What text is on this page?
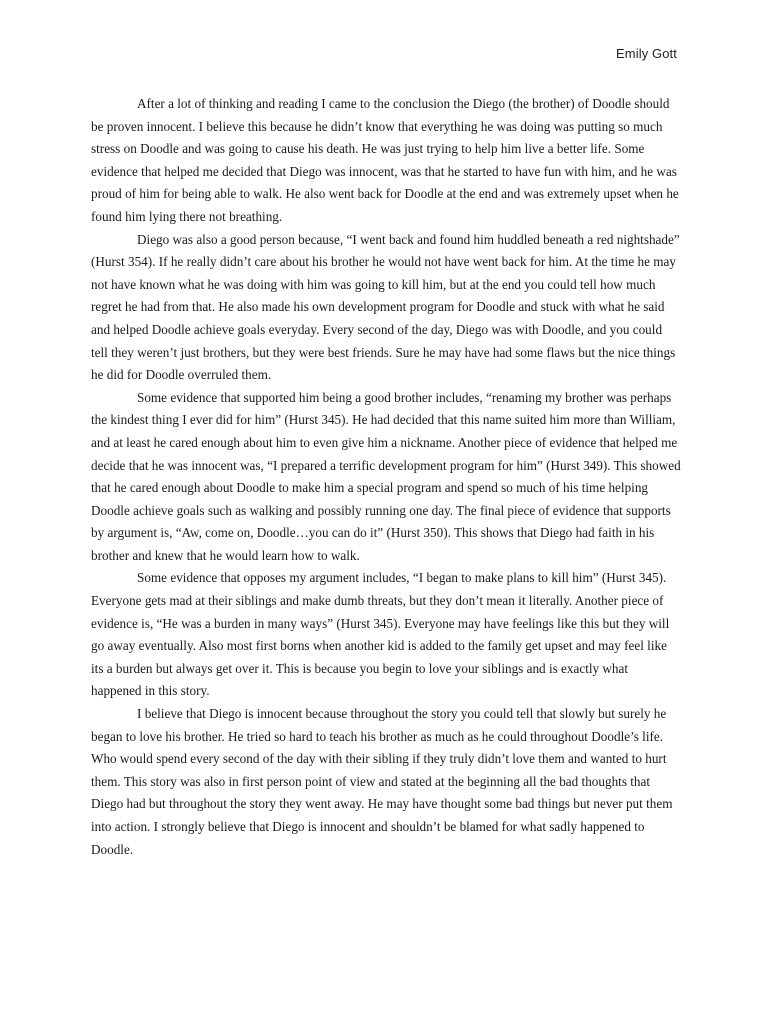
Emily Gott

After a lot of thinking and reading I came to the conclusion the Diego (the brother) of Doodle should be proven innocent. I believe this because he didn’t know that everything he was doing was putting so much stress on Doodle and was going to cause his death. He was just trying to help him live a better life. Some evidence that helped me decided that Diego was innocent, was that he started to have fun with him, and he was proud of him for being able to walk. He also went back for Doodle at the end and was extremely upset when he found him lying there not breathing.

Diego was also a good person because, “I went back and found him huddled beneath a red nightshade” (Hurst 354). If he really didn’t care about his brother he would not have went back for him. At the time he may not have known what he was doing with him was going to kill him, but at the end you could tell how much regret he had from that. He also made his own development program for Doodle and stuck with what he said and helped Doodle achieve goals everyday. Every second of the day, Diego was with Doodle, and you could tell they weren’t just brothers, but they were best friends. Sure he may have had some flaws but the nice things he did for Doodle overruled them.

Some evidence that supported him being a good brother includes, “renaming my brother was perhaps the kindest thing I ever did for him” (Hurst 345). He had decided that this name suited him more than William, and at least he cared enough about him to even give him a nickname. Another piece of evidence that helped me decide that he was innocent was, “I prepared a terrific development program for him” (Hurst 349). This showed that he cared enough about Doodle to make him a special program and spend so much of his time helping Doodle achieve goals such as walking and possibly running one day. The final piece of evidence that supports by argument is, “Aw, come on, Doodle…you can do it” (Hurst 350). This shows that Diego had faith in his brother and knew that he would learn how to walk.

Some evidence that opposes my argument includes, “I began to make plans to kill him” (Hurst 345). Everyone gets mad at their siblings and make dumb threats, but they don’t mean it literally. Another piece of evidence is, “He was a burden in many ways” (Hurst 345). Everyone may have feelings like this but they will go away eventually. Also most first borns when another kid is added to the family get upset and may feel like its a burden but always get over it. This is because you begin to love your siblings and is exactly what happened in this story.

I believe that Diego is innocent because throughout the story you could tell that slowly but surely he began to love his brother. He tried so hard to teach his brother as much as he could throughout Doodle’s life. Who would spend every second of the day with their sibling if they truly didn’t love them and wanted to hurt them. This story was also in first person point of view and stated at the beginning all the bad thoughts that Diego had but throughout the story they went away. He may have thought some bad things but never put them into action. I strongly believe that Diego is innocent and shouldn’t be blamed for what sadly happened to Doodle.
